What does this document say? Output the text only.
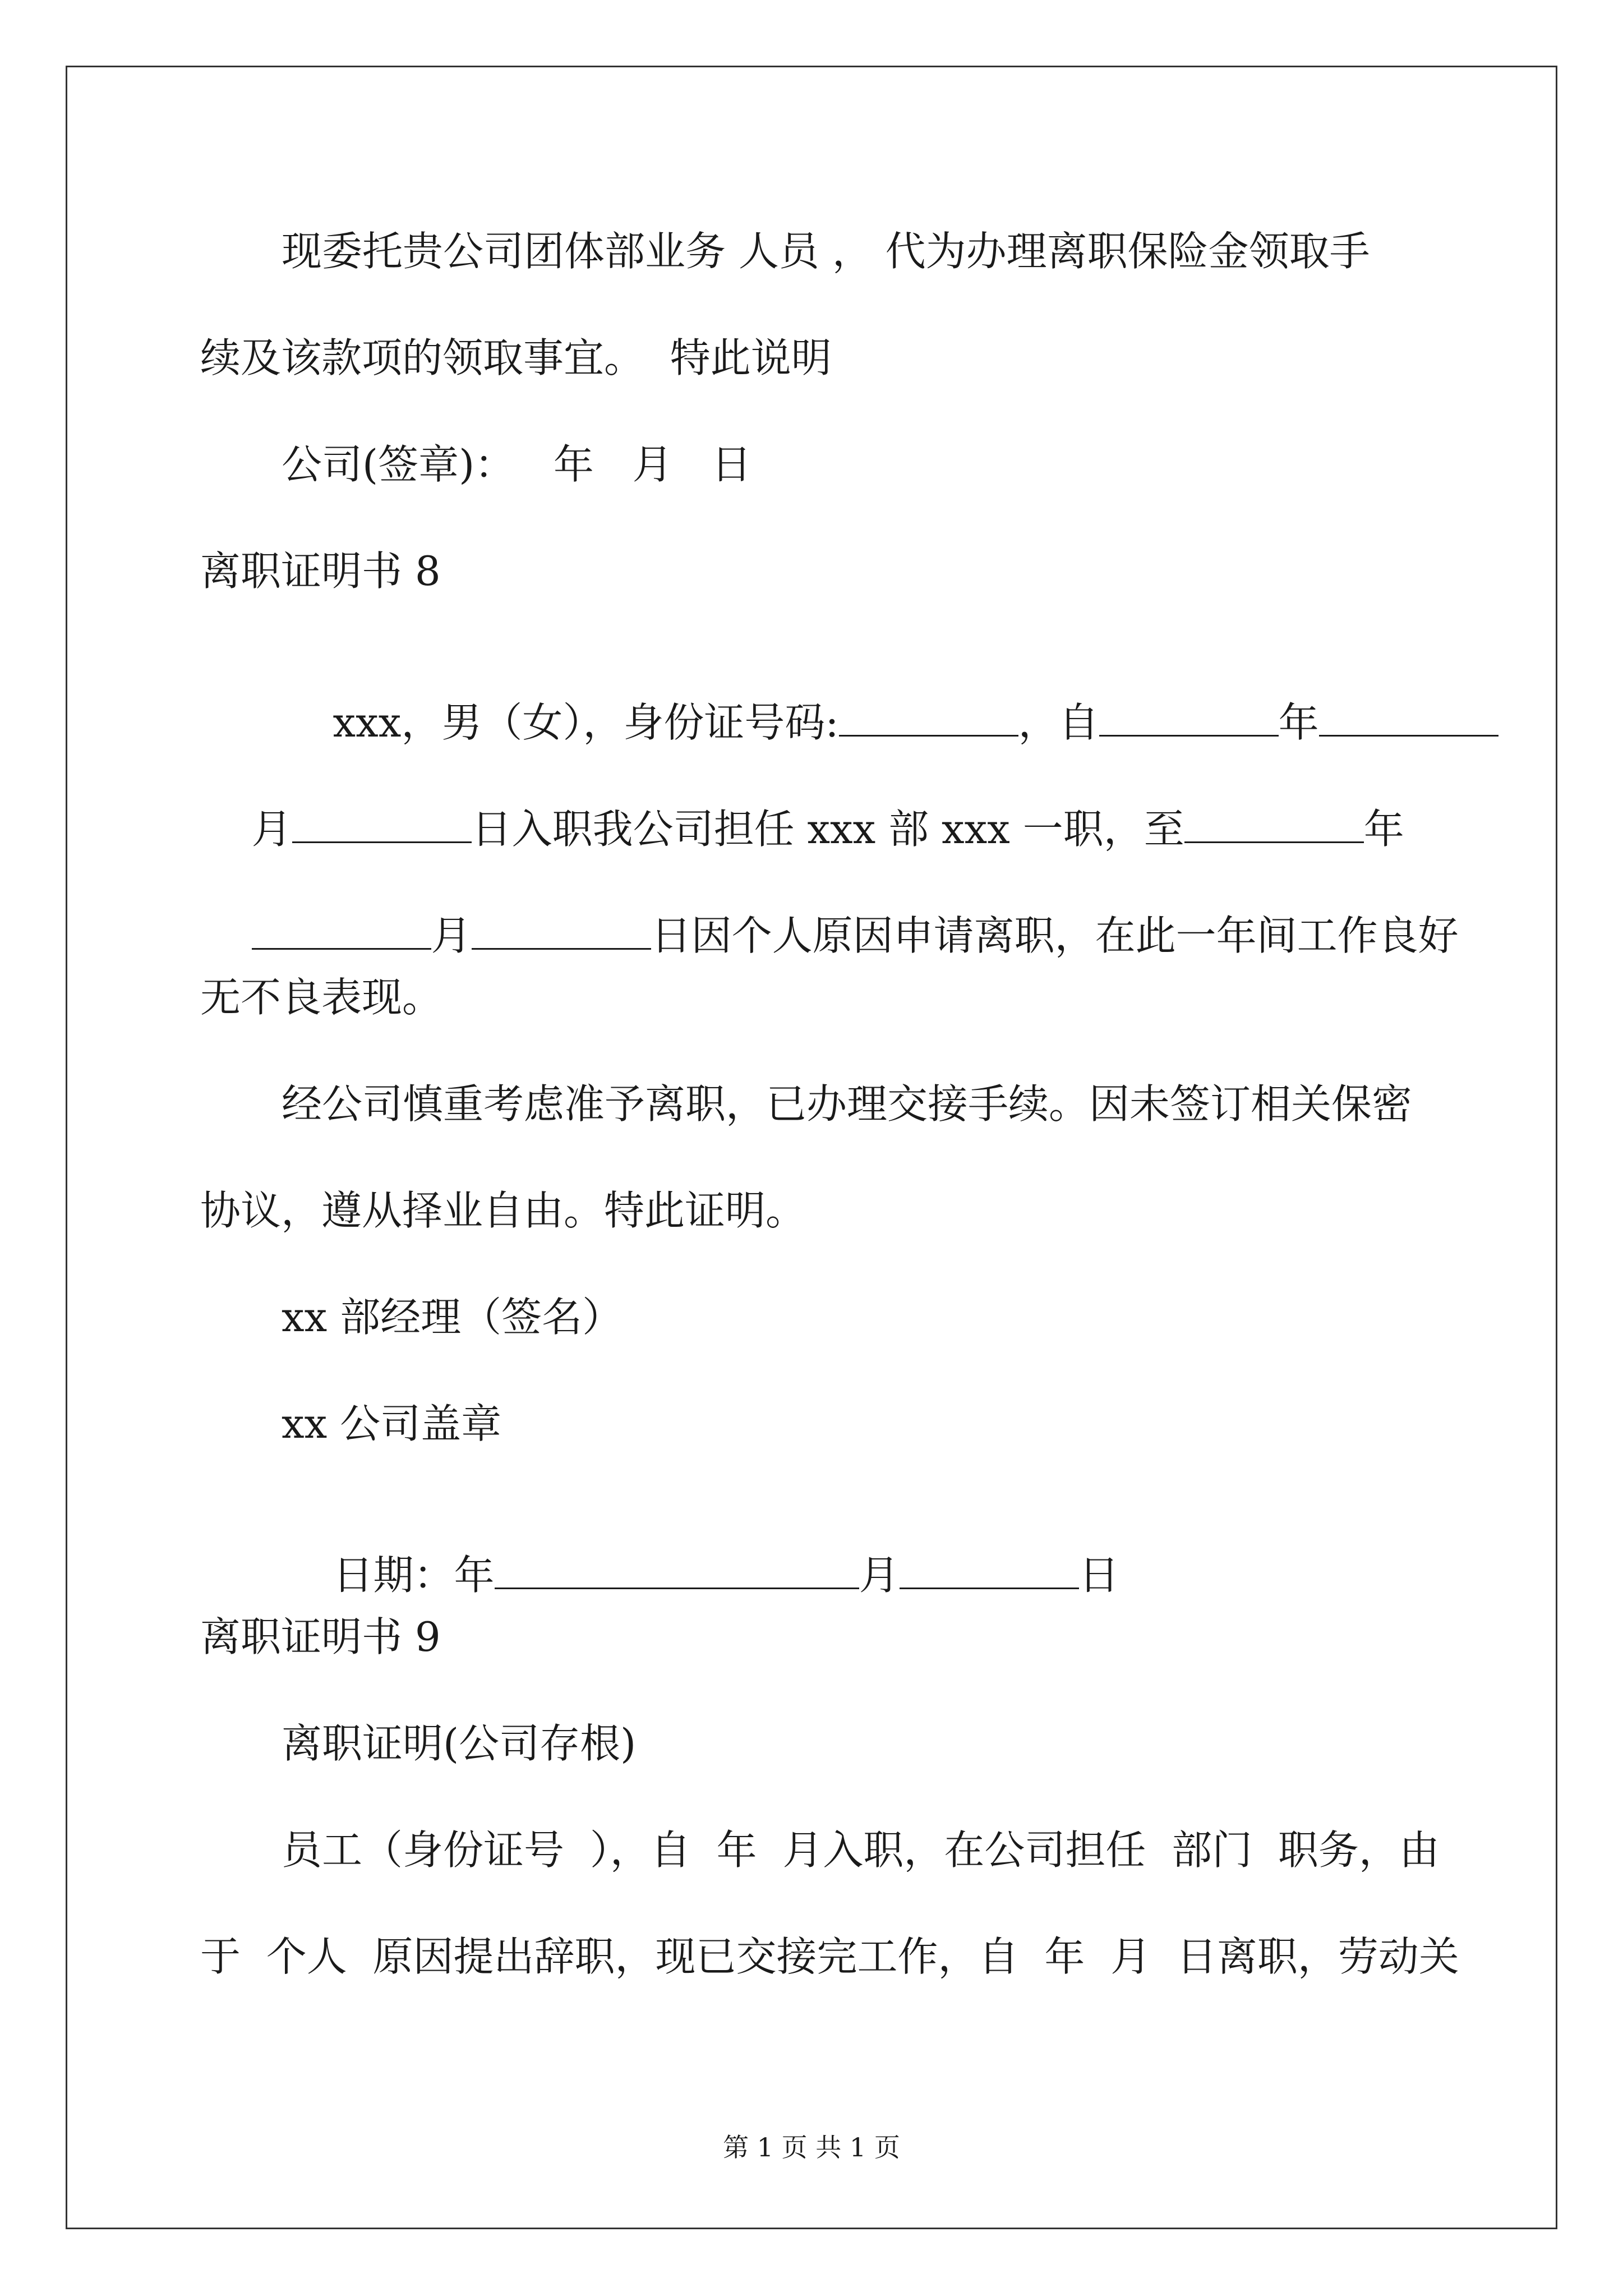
现委托贵公司团体部业务 人员 ， 代为办理离职保险金领取手
续及该款项的领取事宜。  特此说明
公司(签章)：   年   月   日
离职证明书 8

xxx，男（女），身份证号码:	，自	年

月	日入职我公司担任 xxx 部 xxx 一职，至	年

月	日因个人原因申请离职，在此一年间工作良好

无不良表现。
经公司慎重考虑准予离职，已办理交接手续。因未签订相关保密
协议，遵从择业自由。特此证明。
xx 部经理（签名）
xx 公司盖章

日期：年	月	日

离职证明书 9
离职证明(公司存根)
员工（身份证号  ），自  年  月入职，在公司担任  部门  职务，由
于  个人  原因提出辞职，现已交接完工作，自  年  月  日离职，劳动关
第 1 页 共 1 页
